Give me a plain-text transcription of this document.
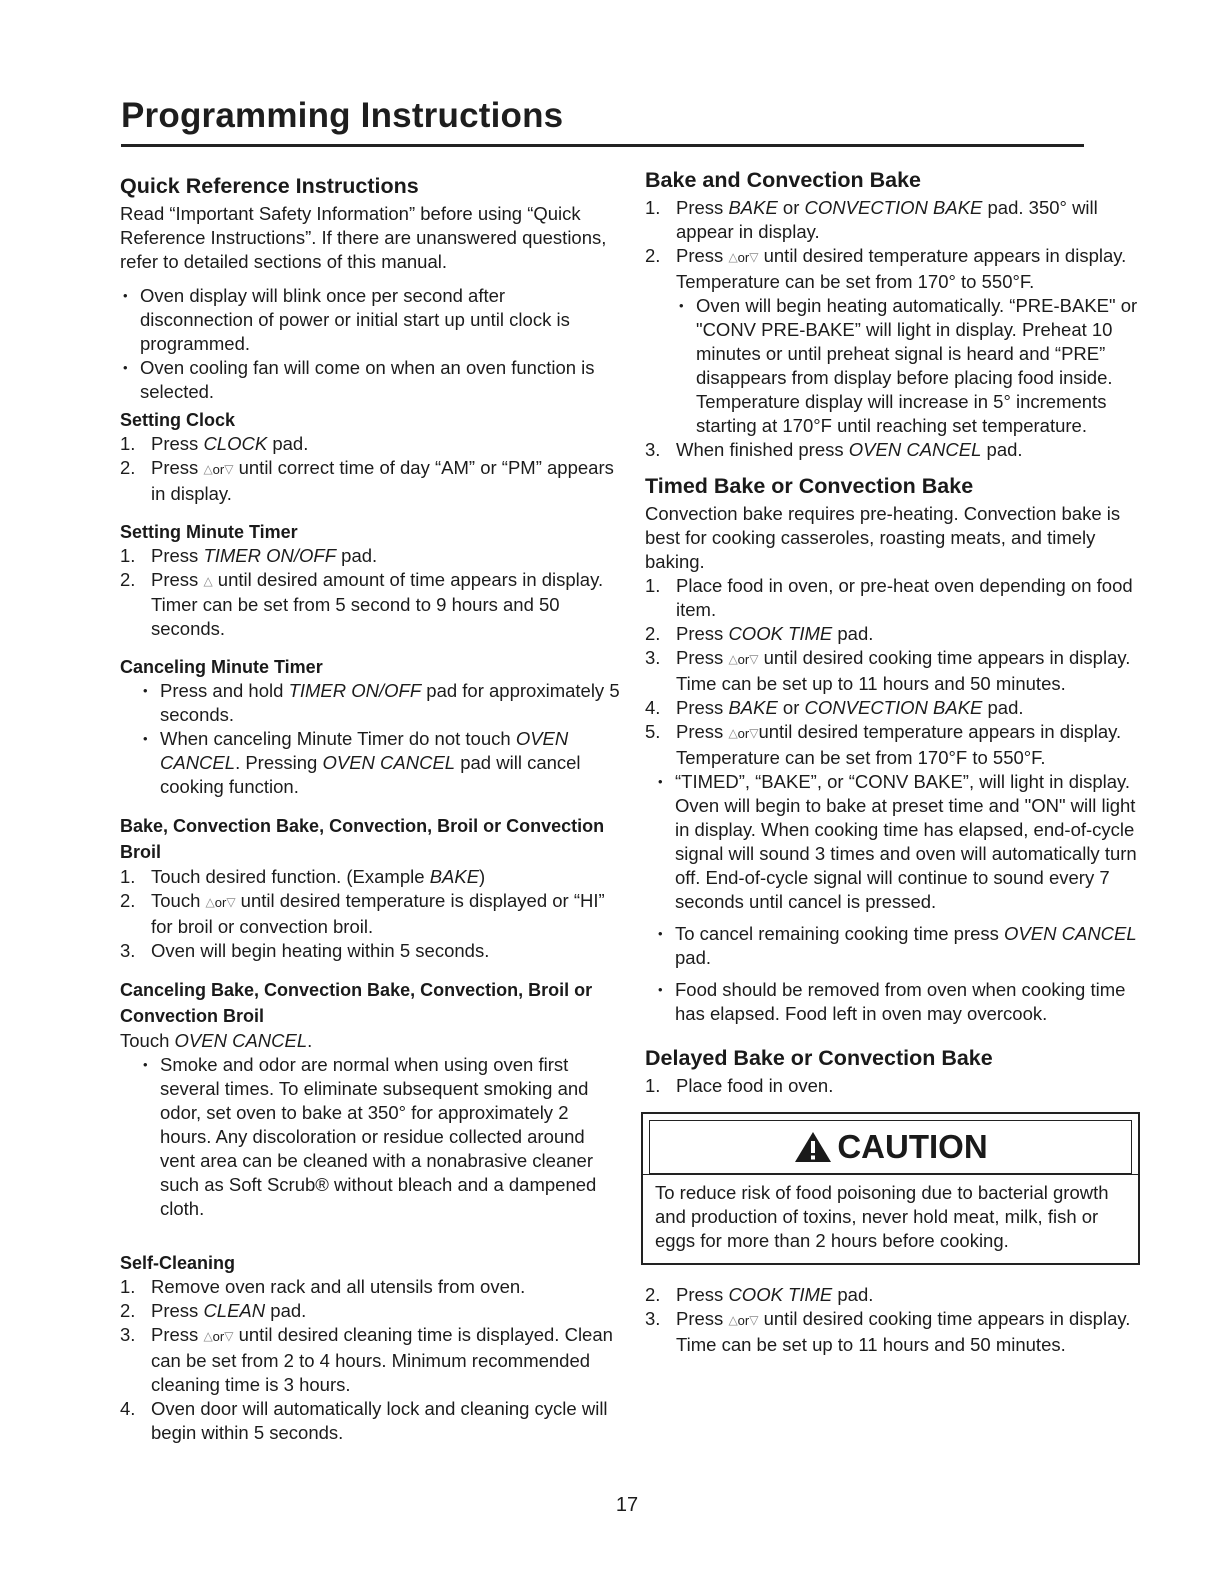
Programming Instructions
Quick Reference Instructions

Read “Important Safety Information” before using “Quick Reference Instructions”. If there are unanswered questions, refer to detailed sections of this manual.

• Oven display will blink once per second after disconnection of power or initial start up until clock is programmed.
• Oven cooling fan will come on when an oven function is selected.
Setting Clock
1. Press CLOCK pad.
2. Press △or▽ until correct time of day “AM” or “PM” appears in display.
Setting Minute Timer
1. Press TIMER ON/OFF pad.
2. Press △ until desired amount of time appears in display. Timer can be set from 5 second to 9 hours and 50 seconds.
Canceling Minute Timer
• Press and hold TIMER ON/OFF pad for approximately 5 seconds.
• When canceling Minute Timer do not touch OVEN CANCEL. Pressing OVEN CANCEL pad will cancel cooking function.
Bake, Convection Bake, Convection, Broil or Convection Broil
1. Touch desired function. (Example BAKE)
2. Touch △or▽ until desired temperature is displayed or “HI” for broil or convection broil.
3. Oven will begin heating within 5 seconds.
Canceling Bake, Convection Bake, Convection, Broil or Convection Broil

Touch OVEN CANCEL.

• Smoke and odor are normal when using oven first several times. To eliminate subsequent smoking and odor, set oven to bake at 350° for approximately 2 hours. Any discoloration or residue collected around vent area can be cleaned with a nonabrasive cleaner such as Soft Scrub® without bleach and a dampened cloth.
Self-Cleaning
1. Remove oven rack and all utensils from oven.
2. Press CLEAN pad.
3. Press △or▽ until desired cleaning time is displayed. Clean can be set from 2 to 4 hours. Minimum recommended cleaning time is 3 hours.
4. Oven door will automatically lock and cleaning cycle will begin within 5 seconds.
Bake and Convection Bake
1. Press BAKE or CONVECTION BAKE pad. 350° will appear in display.
2. Press △or▽ until desired temperature appears in display. Temperature can be set from 170° to 550°F.
• Oven will begin heating automatically. “PRE-BAKE" or "CONV PRE-BAKE” will light in display. Preheat 10 minutes or until preheat signal is heard and “PRE” disappears from display before placing food inside. Temperature display will increase in 5° increments starting at 170°F until reaching set temperature.
3. When finished press OVEN CANCEL pad.
Timed Bake or Convection Bake

Convection bake requires pre-heating. Convection bake is best for cooking casseroles, roasting meats, and timely baking.

1. Place food in oven, or pre-heat oven depending on food item.
2. Press COOK TIME pad.
3. Press △or▽ until desired cooking time appears in display. Time can be set up to 11 hours and 50 minutes.
4. Press BAKE or CONVECTION BAKE pad.
5. Press △or▽until desired temperature appears in display. Temperature can be set from 170°F to 550°F.
• “TIMED”, “BAKE”, or “CONV BAKE”, will light in display. Oven will begin to bake at preset time and "ON" will light in display. When cooking time has elapsed, end-of-cycle signal will sound 3 times and oven will automatically turn off. End-of-cycle signal will continue to sound every 7 seconds until cancel is pressed.
• To cancel remaining cooking time press OVEN CANCEL pad.
• Food should be removed from oven when cooking time has elapsed. Food left in oven may overcook.
Delayed Bake or Convection Bake
1. Place food in oven.
CAUTION

To reduce risk of food poisoning due to bacterial growth and production of toxins, never hold meat, milk, fish or eggs for more than 2 hours before cooking.

2. Press COOK TIME pad.
3. Press △or▽ until desired cooking time appears in display. Time can be set up to 11 hours and 50 minutes.
17
